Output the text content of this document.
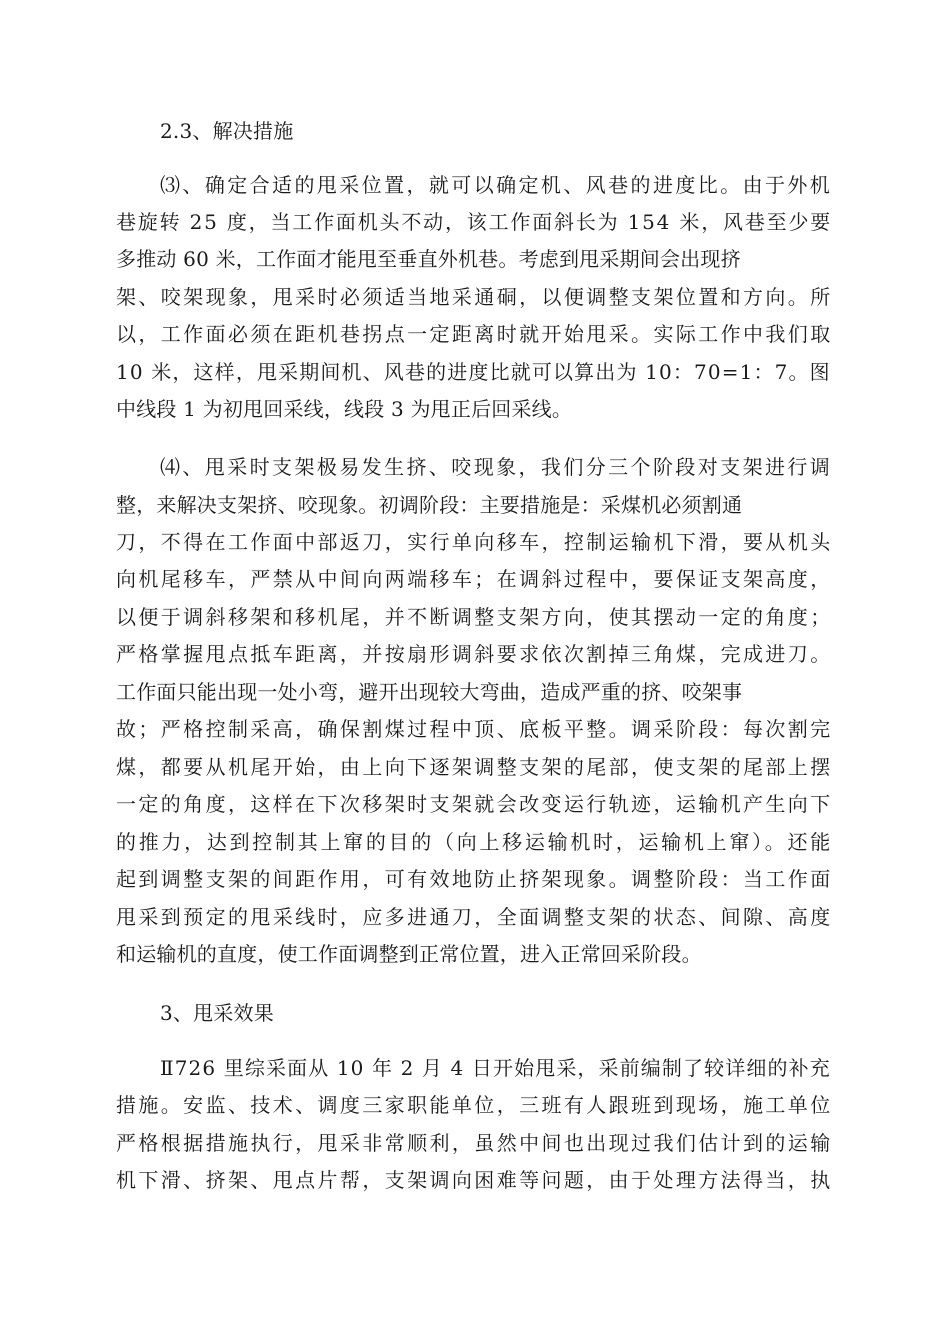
2.3、解决措施

⑶、确定合适的甩采位置，就可以确定机、风巷的进度比。由于外机

巷旋转 25 度，当工作面机头不动，该工作面斜长为 154 米，风巷至少要

多推动 60 米，工作面才能甩至垂直外机巷。考虑到甩采期间会出现挤

架、咬架现象，甩采时必须适当地采通硐，以便调整支架位置和方向。所

以，工作面必须在距机巷拐点一定距离时就开始甩采。实际工作中我们取

10 米，这样，甩采期间机、风巷的进度比就可以算出为 10：70=1：7。图

中线段 1 为初甩回采线，线段 3 为甩正后回采线。

⑷、甩采时支架极易发生挤、咬现象，我们分三个阶段对支架进行调

整，来解决支架挤、咬现象。初调阶段：主要措施是：采煤机必须割通

刀，不得在工作面中部返刀，实行单向移车，控制运输机下滑，要从机头

向机尾移车，严禁从中间向两端移车；在调斜过程中，要保证支架高度，

以便于调斜移架和移机尾，并不断调整支架方向，使其摆动一定的角度；

严格掌握甩点抵车距离，并按扇形调斜要求依次割掉三角煤，完成进刀。

工作面只能出现一处小弯，避开出现较大弯曲，造成严重的挤、咬架事

故；严格控制采高，确保割煤过程中顶、底板平整。调采阶段：每次割完

煤，都要从机尾开始，由上向下逐架调整支架的尾部，使支架的尾部上摆

一定的角度，这样在下次移架时支架就会改变运行轨迹，运输机产生向下

的推力，达到控制其上窜的目的（向上移运输机时，运输机上窜）。还能

起到调整支架的间距作用，可有效地防止挤架现象。调整阶段：当工作面

甩采到预定的甩采线时，应多进通刀，全面调整支架的状态、间隙、高度

和运输机的直度，使工作面调整到正常位置，进入正常回采阶段。

3、甩采效果

Ⅱ726 里综采面从 10 年 2 月 4 日开始甩采，采前编制了较详细的补充

措施。安监、技术、调度三家职能单位，三班有人跟班到现场，施工单位

严格根据措施执行，甩采非常顺利，虽然中间也出现过我们估计到的运输

机下滑、挤架、甩点片帮，支架调向困难等问题，由于处理方法得当，执
